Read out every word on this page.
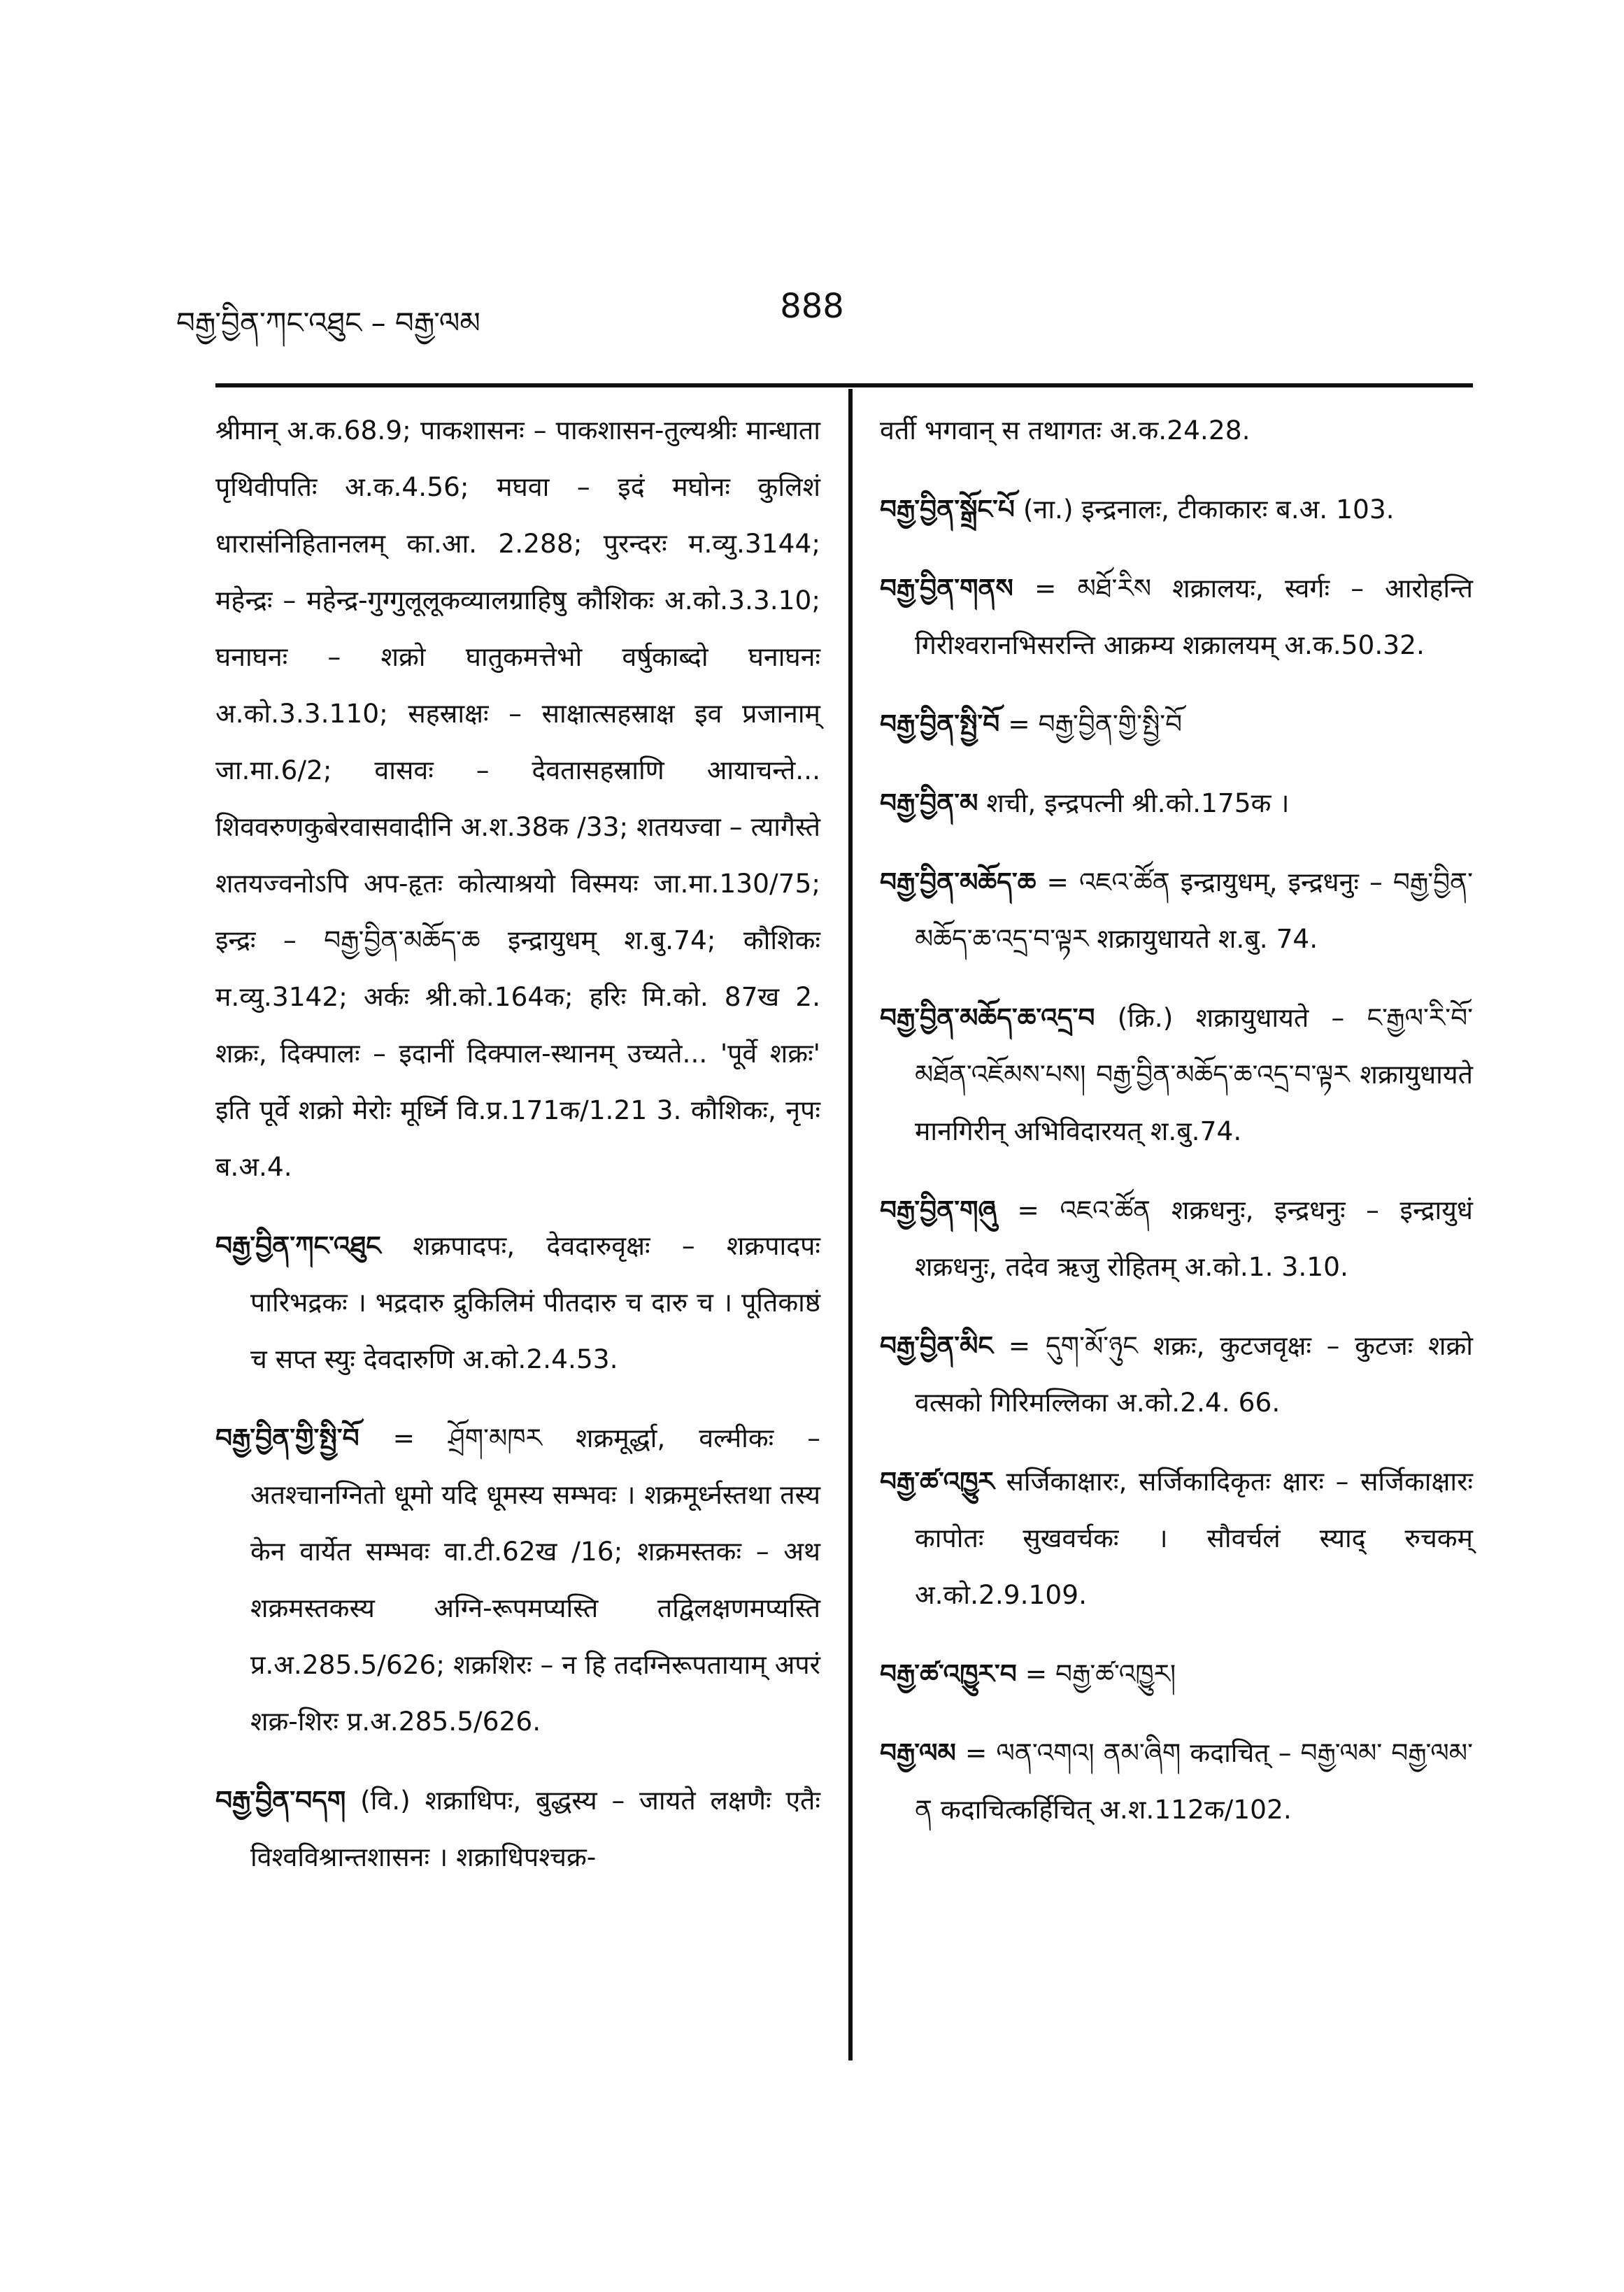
བརྒྱ་བྱིན་ཀང་འཐུང – བརྒྱ་ལམ	888

श्रीमान् अ.क.68.9; पाकशासनः – पाकशासन-तुल्यश्रीः मान्धाता पृथिवीपतिः अ.क.4.56; मघवा – इदं मघोनः कुलिशं धारासंनिहितानलम् का.आ. 2.288; पुरन्दरः म.व्यु.3144; महेन्द्रः – महेन्द्र-गुग्गुलूलूकव्यालग्राहिषु कौशिकः अ.को.3.3.10; घनाघनः – शक्रो घातुकमत्तेभो वर्षुकाब्दो घनाघनः अ.को.3.3.110; सहस्राक्षः – साक्षात्सहस्राक्ष इव प्रजानाम् जा.मा.6/2; वासवः – देवतासहस्राणि आयाचन्ते... शिववरुणकुबेरवासवादीनि अ.श.38क /33; शतयज्वा – त्यागैस्ते शतयज्वनोऽपि अप-हृतः कोत्याश्रयो विस्मयः जा.मा.130/75; इन्द्रः – བརྒྱ་བྱིན་མཆོད་ཆ इन्द्रायुधम् श.बु.74; कौशिकः म.व्यु.3142; अर्कः श्री.को.164क; हरिः मि.को. 87ख 2. शक्रः, दिक्पालः – इदानीं दिक्पाल-स्थानम् उच्यते... 'पूर्वे शक्रः' इति पूर्वे शक्रो मेरोः मूर्ध्नि वि.प्र.171क/1.21 3. कौशिकः, नृपः ब.अ.4.

བརྒྱ་བྱིན་ཀང་འཐུང शक्रपादपः, देवदारुवृक्षः – शक्रपादपः पारिभद्रकः । भद्रदारु द्रुकिलिमं पीतदारु च दारु च । पूतिकाष्ठं च सप्त स्युः देवदारुणि अ.को.2.4.53.

བརྒྱ་བྱིན་གྱི་སྤྱི་བོ = ཤྲོག་མཁར शक्रमूर्द्धा, वल्मीकः – अतश्चानग्नितो धूमो यदि धूमस्य सम्भवः । शक्रमूर्ध्नस्तथा तस्य केन वार्येत सम्भवः वा.टी.62ख /16; शक्रमस्तकः – अथ शक्रमस्तकस्य अग्नि-रूपमप्यस्ति तद्विलक्षणमप्यस्ति प्र.अ.285.5/626; शक्रशिरः – न हि तदग्निरूपतायाम् अपरं शक्र-शिरः प्र.अ.285.5/626.

བརྒྱ་བྱིན་བདག (वि.) शक्राधिपः, बुद्धस्य – जायते लक्षणैः एतैः विश्वविश्रान्तशासनः । शक्राधिपश्चक्र-

वर्ती भगवान् स तथागतः अ.क.24.28.

བརྒྱ་བྱིན་སྒྲོང་པོ (ना.) इन्द्रनालः, टीकाकारः ब.अ. 103.

བརྒྱ་བྱིན་གནས = མཐོ་རིས शक्रालयः, स्वर्गः – आरोहन्ति गिरीश्वरानभिसरन्ति आक्रम्य शक्रालयम् अ.क.50.32.

བརྒྱ་བྱིན་སྤྱི་བོ = བརྒྱ་བྱིན་གྱི་སྤྱི་བོ

བརྒྱ་བྱིན་མ शची, इन्द्रपत्नी श्री.को.175क ।

བརྒྱ་བྱིན་མཆོད་ཆ = འཇའ་ཚོན इन्द्रायुधम्, इन्द्रधनुः – བརྒྱ་བྱིན་མཆོད་ཆ་འདྲ་བ་ལྟར शक्रायुधायते श.बु. 74.

བརྒྱ་བྱིན་མཆོད་ཆ་འདྲ་བ (क्रि.) शक्रायुधायते – ང་རྒྱལ་རི་བོ་མཐོན་འཇོམས་པས། བརྒྱ་བྱིན་མཆོད་ཆ་འདྲ་བ་ལྟར शक्रायुधायते मानगिरीन् अभिविदारयत् श.बु.74.

བརྒྱ་བྱིན་གཞུ = འཇའ་ཚོན शक्रधनुः, इन्द्रधनुः – इन्द्रायुधं शक्रधनुः, तदेव ऋजु रोहितम् अ.को.1. 3.10.

བརྒྱ་བྱིན་མིང = དུག་མོ་ཉུང शक्रः, कुटजवृक्षः – कुटजः शक्रो वत्सको गिरिमल्लिका अ.को.2.4. 66.

བརྒྱ་ཚ་འཁྱུར सर्जिकाक्षारः, सर्जिकादिकृतः क्षारः – सर्जिकाक्षारः कापोतः सुखवर्चकः । सौवर्चलं स्याद् रुचकम् अ.को.2.9.109.

བརྒྱ་ཚ་འཁྱུར་བ = བརྒྱ་ཚ་འཁྱུར།

བརྒྱ་ལམ = ལན་འགའ། ནམ་ཞིག कदाचित् – བརྒྱ་ལམ་ བརྒྱ་ལམ་ན कदाचित्कर्हिचित् अ.श.112क/102.
